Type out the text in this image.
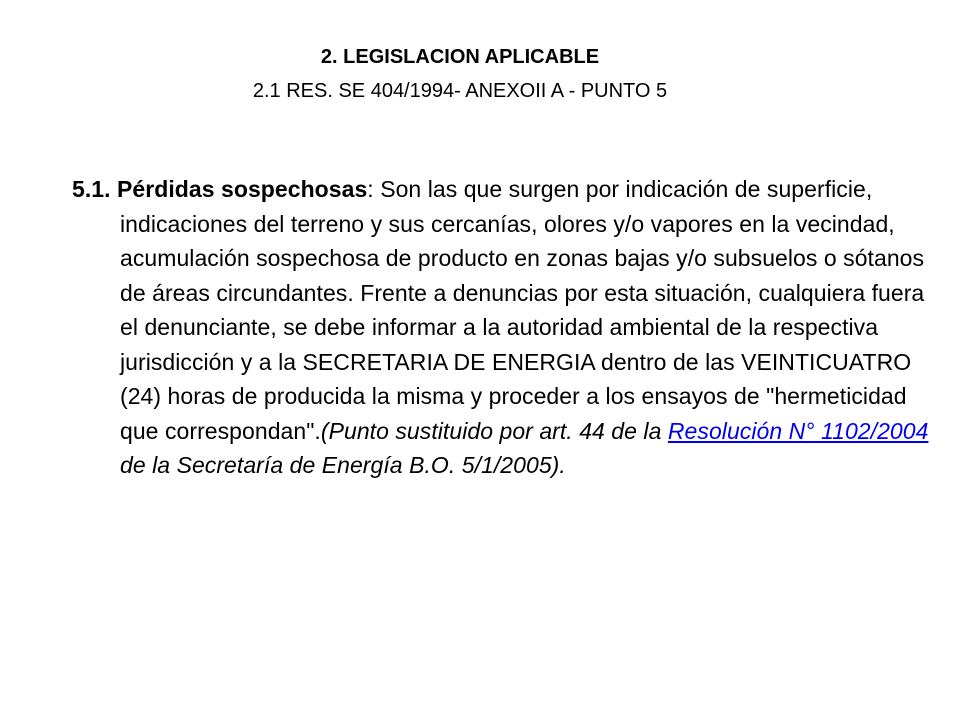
2. LEGISLACION APLICABLE
2.1 RES. SE 404/1994- ANEXOII A - PUNTO 5
5.1. Pérdidas sospechosas: Son las que surgen por indicación de superficie, indicaciones del terreno y sus cercanías, olores y/o vapores en la vecindad, acumulación sospechosa de producto en zonas bajas y/o subsuelos o sótanos de áreas circundantes. Frente a denuncias por esta situación, cualquiera fuera el denunciante, se debe informar a la autoridad ambiental de la respectiva jurisdicción y a la SECRETARIA DE ENERGIA dentro de las VEINTICUATRO (24) horas de producida la misma y proceder a los ensayos de "hermeticidad que correspondan".(Punto sustituido por art. 44 de la Resolución N° 1102/2004 de la Secretaría de Energía B.O. 5/1/2005).
